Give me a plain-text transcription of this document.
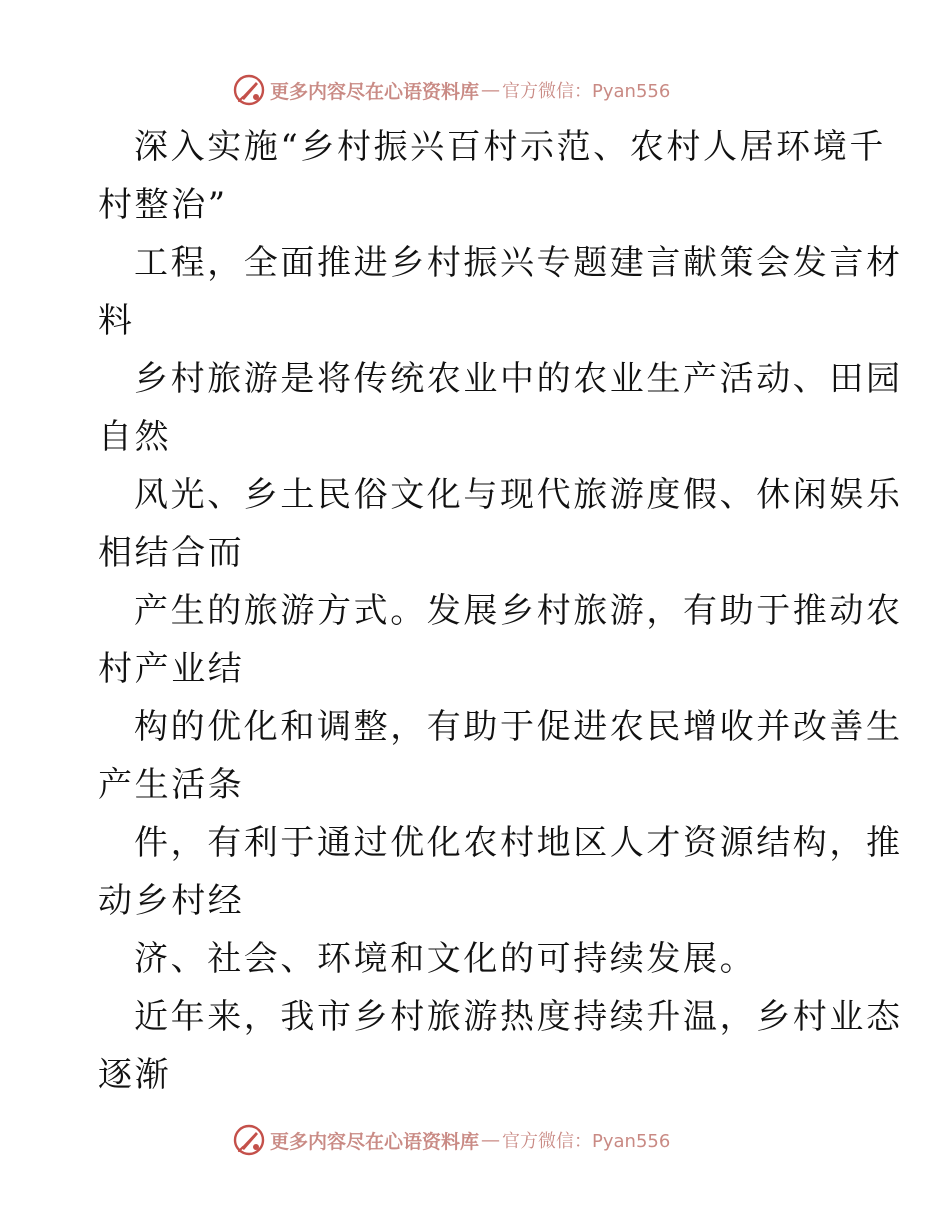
更多内容尽在心语资料库 — 官方微信：Pyan556
深入实施“乡村振兴百村示范、农村人居环境千
村整治”
工程，全面推进乡村振兴专题建言献策会发言材
料
乡村旅游是将传统农业中的农业生产活动、田园
自然
风光、乡土民俗文化与现代旅游度假、休闲娱乐
相结合而
产生的旅游方式。发展乡村旅游，有助于推动农
村产业结
构的优化和调整，有助于促进农民增收并改善生
产生活条
件，有利于通过优化农村地区人才资源结构，推
动乡村经
济、社会、环境和文化的可持续发展。
近年来，我市乡村旅游热度持续升温，乡村业态
逐渐
更多内容尽在心语资料库 — 官方微信：Pyan556
